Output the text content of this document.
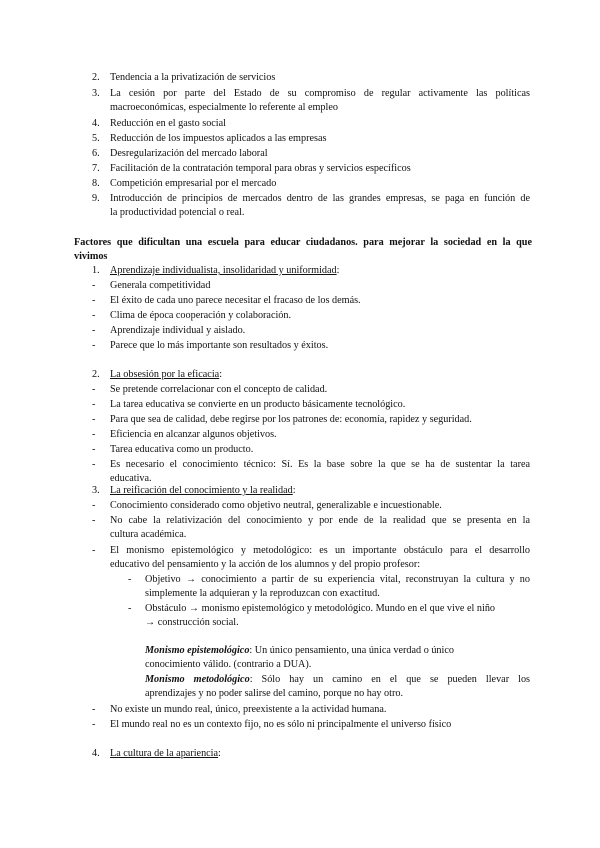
2. Tendencia a la privatización de servicios
La cesión por parte del Estado de su compromiso de regular activamente las políticas
3.
macroeconómicas, especialmente lo referente al empleo
4. Reducción en el gasto social
5. Reducción de los impuestos aplicados a las empresas
6. Desregularización del mercado laboral
7. Facilitación de la contratación temporal para obras y servicios específicos
8. Competición empresarial por el mercado
9. Introducción de principios de mercados dentro de las grandes empresas, se paga en función de
la productividad potencial o real.
Factores que dificultan una escuela para educar ciudadanos. para mejorar la sociedad en la que
vivimos
1. Aprendizaje individualista, insolidaridad y uniformidad:
- Generala competitividad
- El éxito de cada uno parece necesitar el fracaso de los demás.
- Clima de época cooperación y colaboración.
- Aprendizaje individual y aislado.
- Parece que lo más importante son resultados y éxitos.
2. La obsesión por la eficacia:
- Se pretende correlacionar con el concepto de calidad.
- La tarea educativa se convierte en un producto básicamente tecnológico.
- Para que sea de calidad, debe regirse por los patrones de: economía, rapidez y seguridad.
- Eficiencia en alcanzar algunos objetivos.
- Tarea educativa como un producto.
- Es necesario el conocimiento técnico: Sí. Es la base sobre la que se ha de sustentar la tarea
educativa.
3. La reificación del conocimiento y la realidad:
- Conocimiento considerado como objetivo neutral, generalizable e incuestionable.
- No cabe la relativización del conocimiento y por ende de la realidad que se presenta en la
cultura académica.
- El monismo epistemológico y metodológico: es un importante obstáculo para el desarrollo
educativo del pensamiento y la acción de los alumnos y del propio profesor:
- Objetivo → conocimiento a partir de su experiencia vital, reconstruyan la cultura y no
simplemente la adquieran y la reproduzcan con exactitud.
- Obstáculo → monismo epistemológico y metodológico. Mundo en el que vive el niño
→ construcción social.
Monismo epistemológico: Un único pensamiento, una única verdad o único
conocimiento válido. (contrario a DUA).
Monismo metodológico: Sólo hay un camino en el que se pueden llevar los
aprendizajes y no poder salirse del camino, porque no hay otro.
- No existe un mundo real, único, preexistente a la actividad humana.
- El mundo real no es un contexto fijo, no es sólo ni principalmente el universo físico
4. La cultura de la apariencia:
